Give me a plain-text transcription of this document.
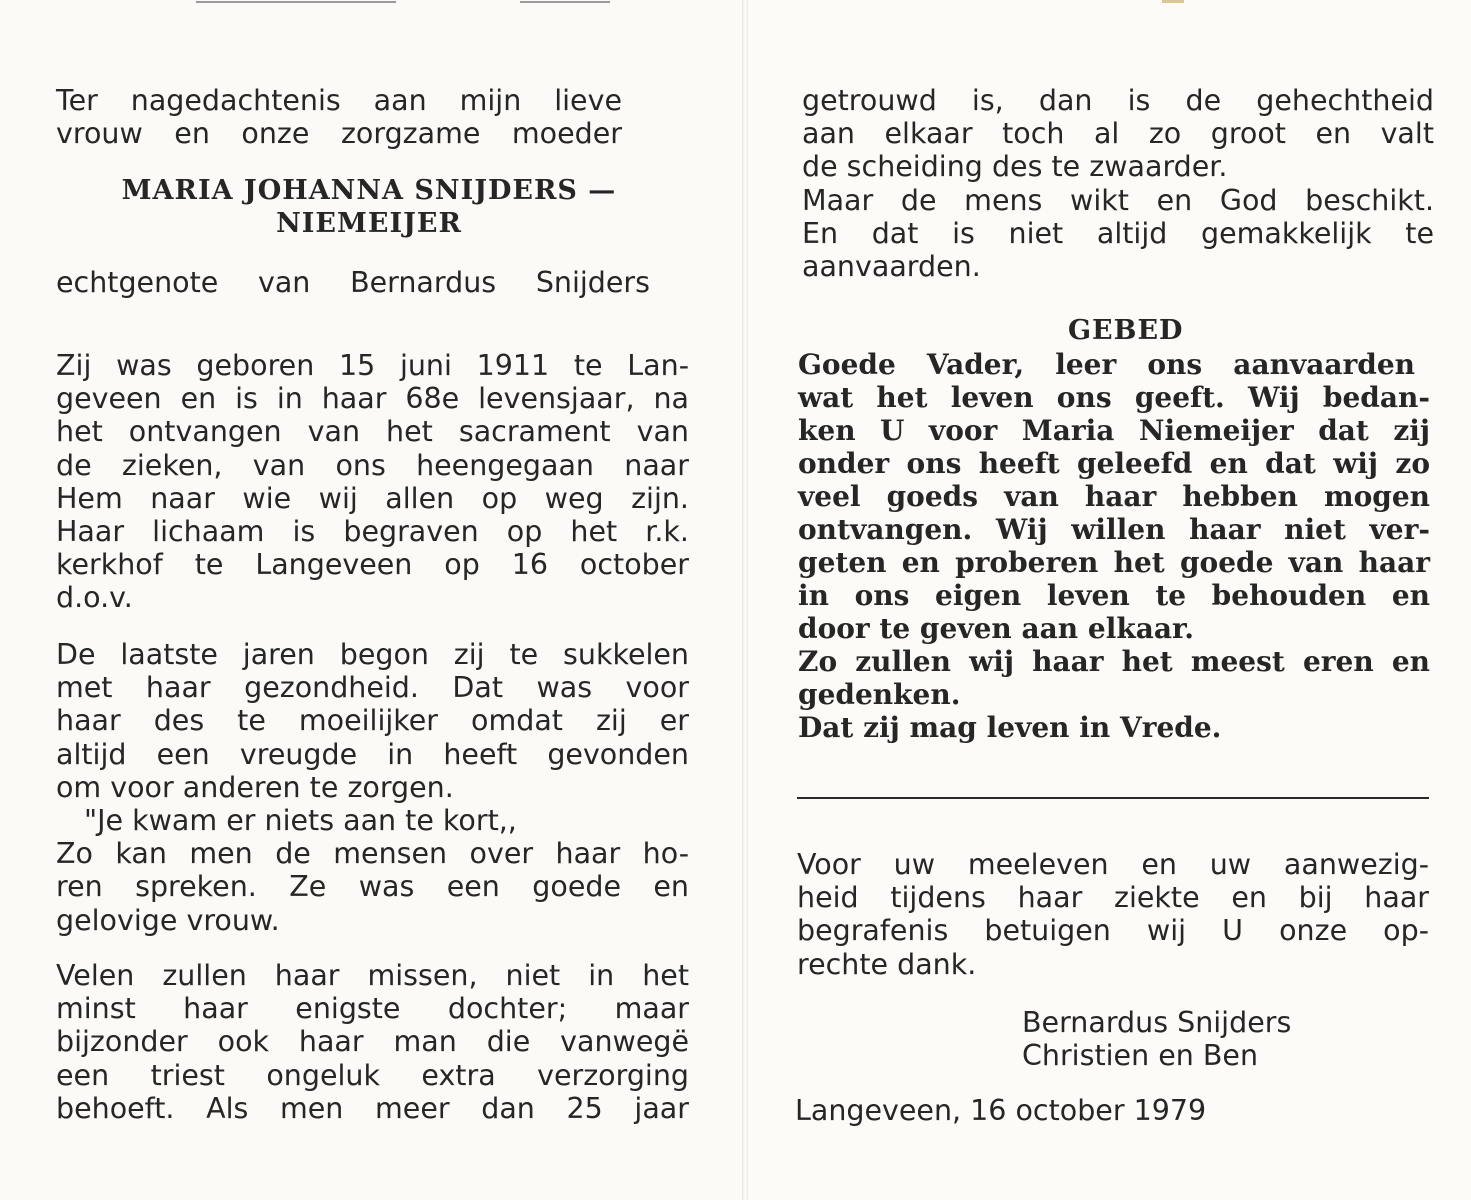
Ter nagedachtenis aan mijn lieve
vrouw en onze zorgzame moeder
MARIA JOHANNA SNIJDERS —
NIEMEIJER
echtgenote van Bernardus Snijders
Zij was geboren 15 juni 1911 te Lan-
geveen en is in haar 68e levensjaar, na
het ontvangen van het sacrament van
de zieken, van ons heengegaan naar
Hem naar wie wij allen op weg zijn.
Haar lichaam is begraven op het r.k.
kerkhof te Langeveen op 16 october
d.o.v.
De laatste jaren begon zij te sukkelen
met haar gezondheid. Dat was voor
haar des te moeilijker omdat zij er
altijd een vreugde in heeft gevonden
om voor anderen te zorgen.
"Je kwam er niets aan te kort,,
Zo kan men de mensen over haar ho-
ren spreken. Ze was een goede en
gelovige vrouw.
Velen zullen haar missen, niet in het
minst haar enigste dochter; maar
bijzonder ook haar man die vanwegë
een triest ongeluk extra verzorging
behoeft. Als men meer dan 25 jaar
getrouwd is, dan is de gehechtheid
aan elkaar toch al zo groot en valt
de scheiding des te zwaarder.
Maar de mens wikt en God beschikt.
En dat is niet altijd gemakkelijk te
aanvaarden.
GEBED
Goede Vader, leer ons aanvaarden
wat het leven ons geeft. Wij bedan-
ken U voor Maria Niemeijer dat zij
onder ons heeft geleefd en dat wij zo
veel goeds van haar hebben mogen
ontvangen. Wij willen haar niet ver-
geten en proberen het goede van haar
in ons eigen leven te behouden en
door te geven aan elkaar.
Zo zullen wij haar het meest eren en
gedenken.
Dat zij mag leven in Vrede.
Voor uw meeleven en uw aanwezig-
heid tijdens haar ziekte en bij haar
begrafenis betuigen wij U onze op-
rechte dank.
Bernardus Snijders
Christien en Ben
Langeveen, 16 october 1979
